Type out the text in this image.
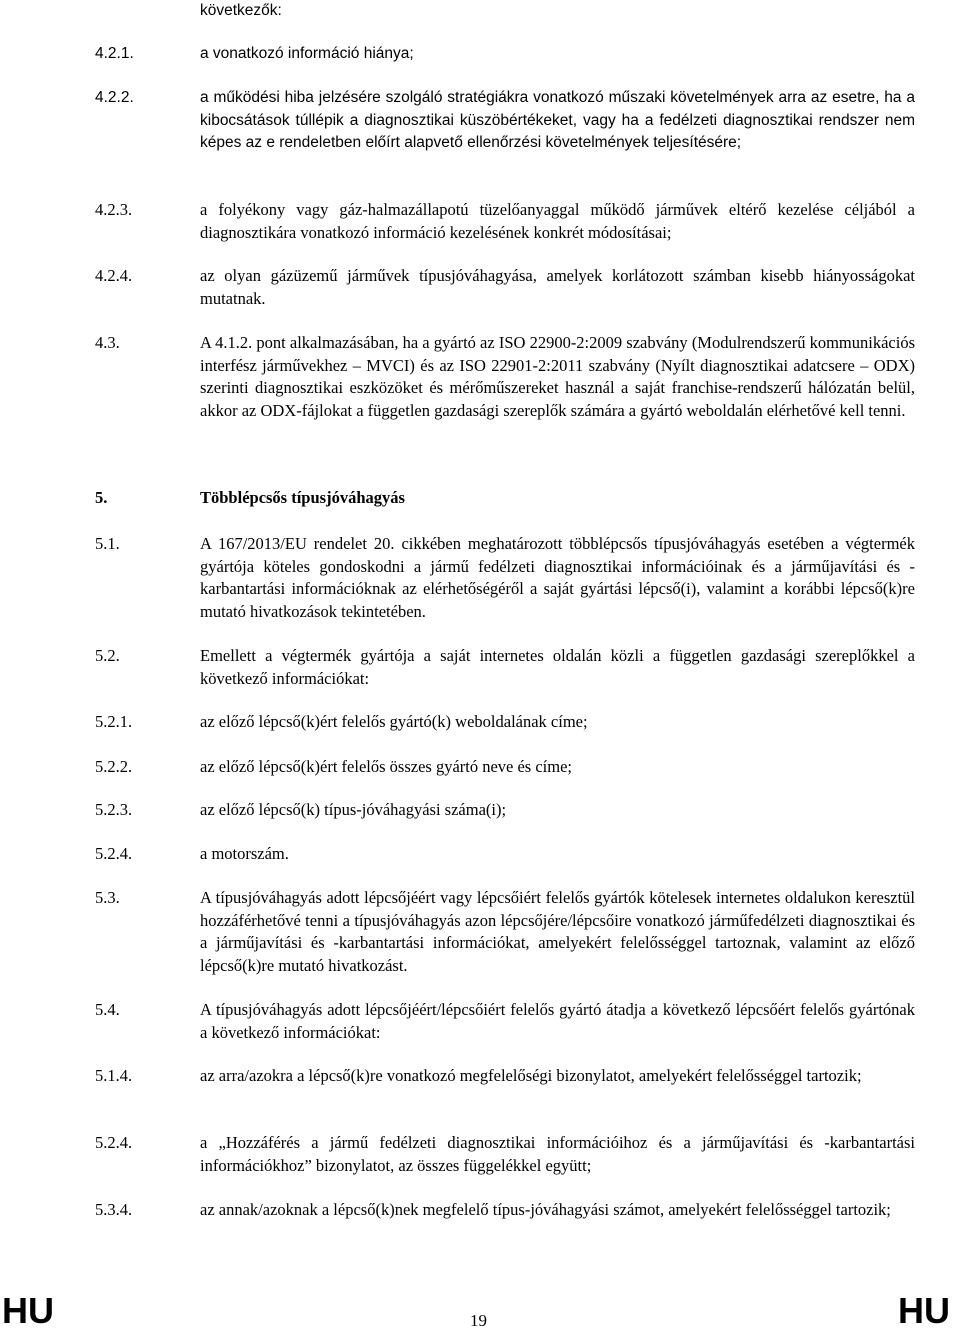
következők:
4.2.1.	a vonatkozó információ hiánya;
4.2.2.	a működési hiba jelzésére szolgáló stratégiákra vonatkozó műszaki követelmények arra az esetre, ha a kibocsátások túllépik a diagnosztikai küszöbértékeket, vagy ha a fedélzeti diagnosztikai rendszer nem képes az e rendeletben előírt alapvető ellenőrzési követelmények teljesítésére;
4.2.3.	a folyékony vagy gáz-halmazállapotú tüzelőanyaggal működő járművek eltérő kezelése céljából a diagnosztikára vonatkozó információ kezelésének konkrét módosításai;
4.2.4.	az olyan gázüzemű járművek típusjóváhagyása, amelyek korlátozott számban kisebb hiányosságokat mutatnak.
4.3.	A 4.1.2. pont alkalmazásában, ha a gyártó az ISO 22900-2:2009 szabvány (Modulrendszerű kommunikációs interfész járművekhez – MVCI) és az ISO 22901-2:2011 szabvány (Nyílt diagnosztikai adatcsere – ODX) szerinti diagnosztikai eszközöket és mérőműszereket használ a saját franchise-rendszerű hálózatán belül, akkor az ODX-fájlokat a független gazdasági szereplők számára a gyártó weboldalán elérhetővé kell tenni.
5.	Többlépcsős típusjóváhagyás
5.1.	A 167/2013/EU rendelet 20. cikkében meghatározott többlépcsős típusjóváhagyás esetében a végtermék gyártója köteles gondoskodni a jármű fedélzeti diagnosztikai információinak és a járműjavítási és -karbantartási információknak az elérhetőségéről a saját gyártási lépcső(i), valamint a korábbi lépcső(k)re mutató hivatkozások tekintetében.
5.2.	Emellett a végtermék gyártója a saját internetes oldalán közli a független gazdasági szereplőkkel a következő információkat:
5.2.1.	az előző lépcső(k)ért felelős gyártó(k) weboldalának címe;
5.2.2.	az előző lépcső(k)ért felelős összes gyártó neve és címe;
5.2.3.	az előző lépcső(k) típus-jóváhagyási száma(i);
5.2.4.	a motorszám.
5.3.	A típusjóváhagyás adott lépcsőjéért vagy lépcsőiért felelős gyártók kötelesek internetes oldalukon keresztül hozzáférhetővé tenni a típusjóváhagyás azon lépcsőjére/lépcsőire vonatkozó járműfedélzeti diagnosztikai és a járműjavítási és -karbantartási információkat, amelyekért felelősséggel tartoznak, valamint az előző lépcső(k)re mutató hivatkozást.
5.4.	A típusjóváhagyás adott lépcsőjéért/lépcsőiért felelős gyártó átadja a következő lépcsőért felelős gyártónak a következő információkat:
5.1.4.	az arra/azokra a lépcső(k)re vonatkozó megfelelőségi bizonylatot, amelyekért felelősséggel tartozik;
5.2.4.	a „Hozzáférés a jármű fedélzeti diagnosztikai információihoz és a járműjavítási és -karbantartási információkhoz” bizonylatot, az összes függelékkel együtt;
5.3.4.	az annak/azoknak a lépcső(k)nek megfelelő típus-jóváhagyási számot, amelyekért felelősséggel tartozik;
HU	19	HU
